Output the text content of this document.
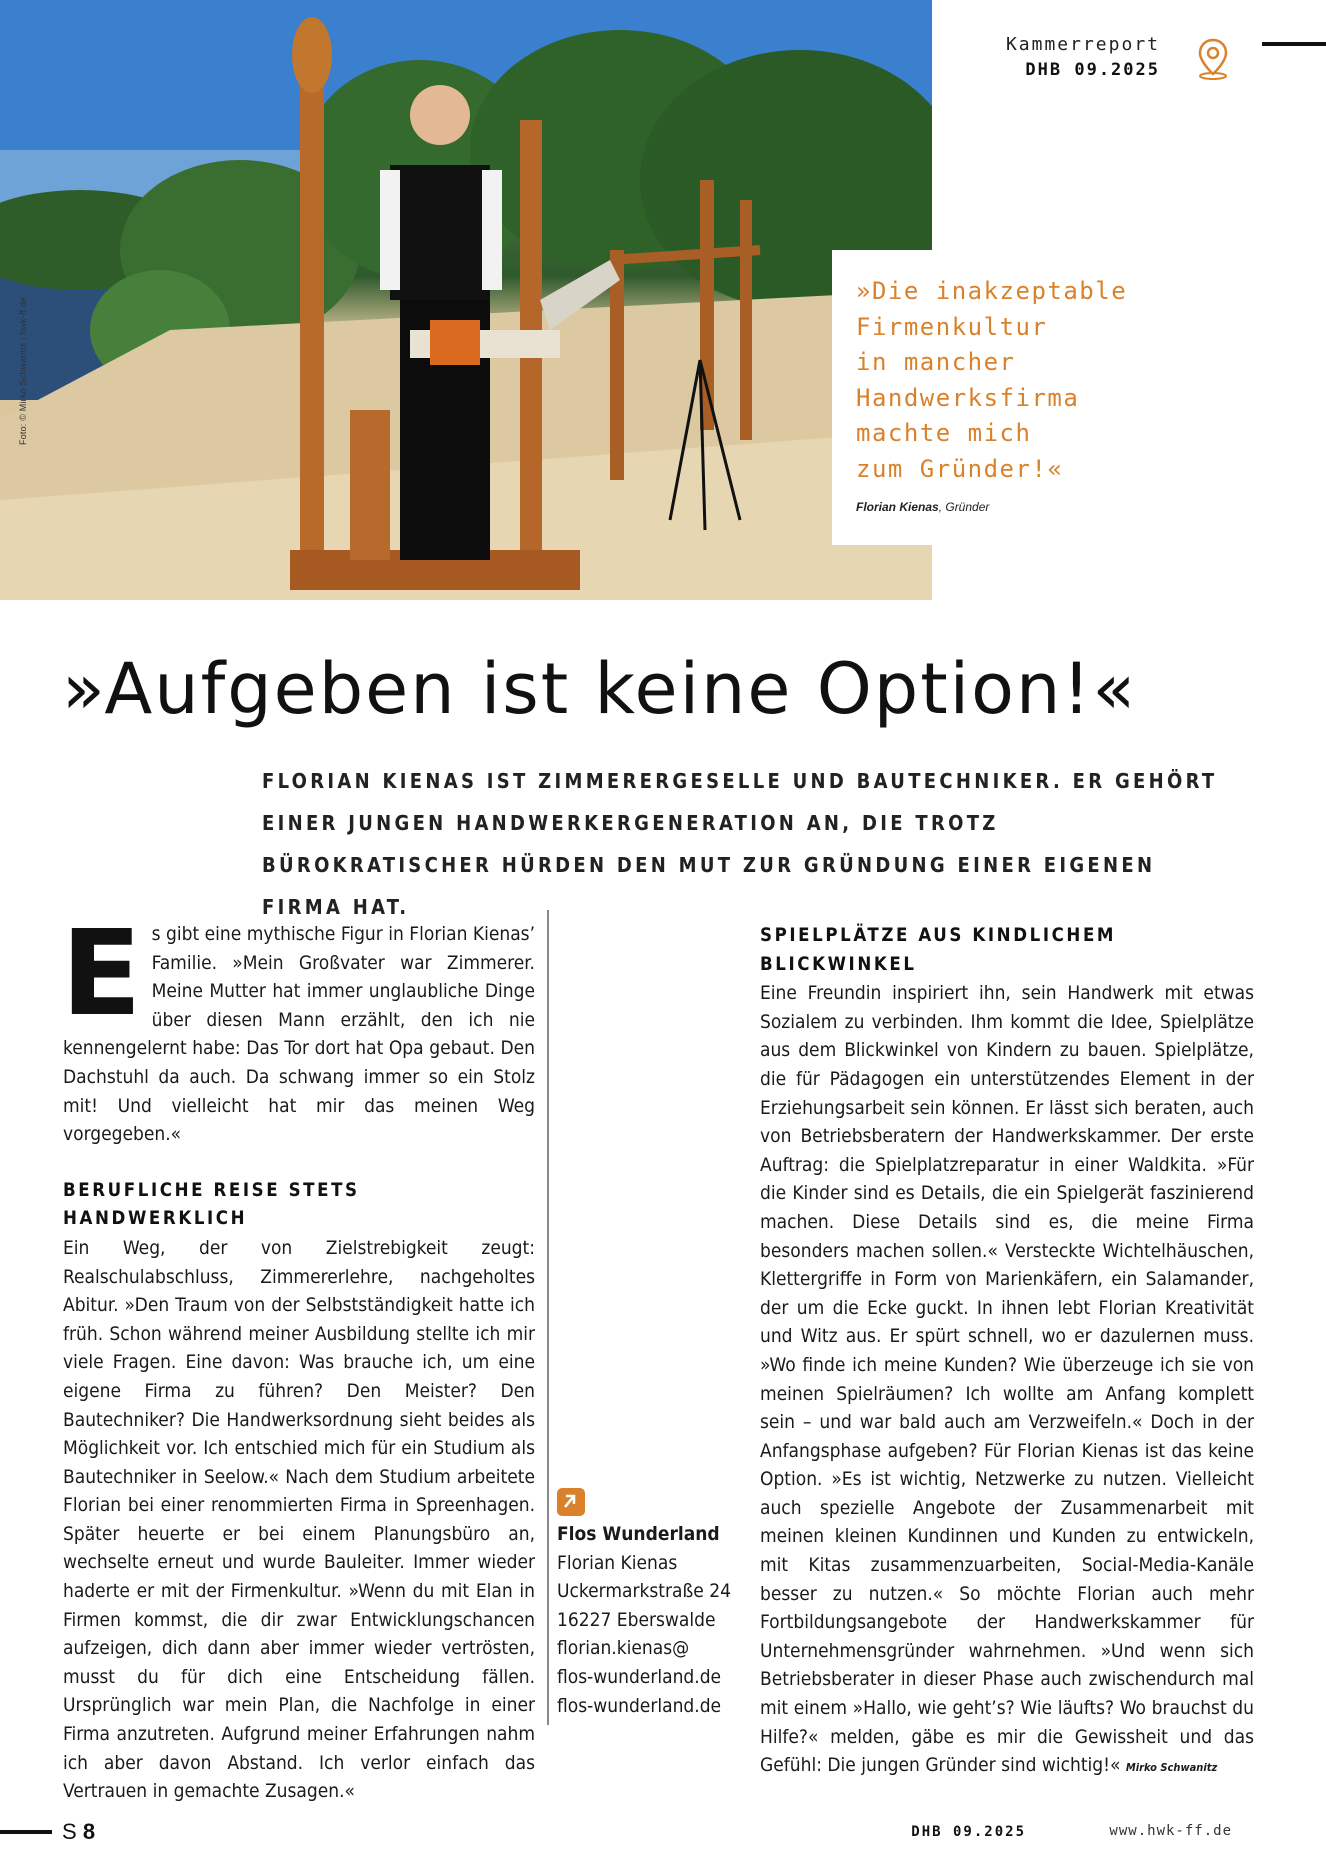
Foto: © Mirko Schwanitz | hwk-ff.de
Kammerreport
DHB 09.2025
»Die inakzeptable
Firmenkultur
in mancher
Handwerksfirma
machte mich
zum Gründer!«
Florian Kienas, Gründer
»Aufgeben ist keine Option!«
FLORIAN KIENAS IST ZIMMERERGESELLE UND BAUTECHNIKER. ER GEHÖRT EINER JUNGEN HANDWERKERGENERATION AN, DIE TROTZ BÜROKRATISCHER HÜRDEN DEN MUT ZUR GRÜNDUNG EINER EIGENEN FIRMA HAT.

Es gibt eine mythische Figur in Florian Kienas’ Familie. »Mein Großvater war Zimmerer. Meine Mutter hat immer unglaubliche Dinge über diesen Mann erzählt, den ich nie kennengelernt habe: Das Tor dort hat Opa gebaut. Den Dachstuhl da auch. Da schwang immer so ein Stolz mit! Und vielleicht hat mir das meinen Weg vorgegeben.«

BERUFLICHE REISE STETS HANDWERKLICH

Ein Weg, der von Zielstrebigkeit zeugt: Realschulabschluss, Zimmererlehre, nachgeholtes Abitur. »Den Traum von der Selbstständigkeit hatte ich früh. Schon während meiner Ausbildung stellte ich mir viele Fragen. Eine davon: Was brauche ich, um eine eigene Firma zu führen? Den Meister? Den Bautechniker? Die Handwerksordnung sieht beides als Möglichkeit vor. Ich entschied mich für ein Studium als Bautechniker in Seelow.« Nach dem Studium arbeitete Florian bei einer renommierten Firma in Spreenhagen. Später heuerte er bei einem Planungsbüro an, wechselte erneut und wurde Bauleiter. Immer wieder haderte er mit der Firmenkultur. »Wenn du mit Elan in Firmen kommst, die dir zwar Entwicklungschancen aufzeigen, dich dann aber immer wieder vertrösten, musst du für dich eine Entscheidung fällen. Ursprünglich war mein Plan, die Nachfolge in einer Firma anzutreten. Aufgrund meiner Erfahrungen nahm ich aber davon Abstand. Ich verlor einfach das Vertrauen in gemachte Zusagen.«

Flos Wunderland
Florian Kienas
Uckermarkstraße 24
16227 Eberswalde
florian.kienas@
flos-wunderland.de
flos-wunderland.de

SPIELPLÄTZE AUS KINDLICHEM BLICKWINKEL

Eine Freundin inspiriert ihn, sein Handwerk mit etwas Sozialem zu verbinden. Ihm kommt die Idee, Spielplätze aus dem Blickwinkel von Kindern zu bauen. Spielplätze, die für Pädagogen ein unterstützendes Element in der Erziehungsarbeit sein können. Er lässt sich beraten, auch von Betriebsberatern der Handwerkskammer. Der erste Auftrag: die Spielplatzreparatur in einer Waldkita. »Für die Kinder sind es Details, die ein Spielgerät faszinierend machen. Diese Details sind es, die meine Firma besonders machen sollen.« Versteckte Wichtelhäuschen, Klettergriffe in Form von Marienkäfern, ein Salamander, der um die Ecke guckt. In ihnen lebt Florian Kreativität und Witz aus. Er spürt schnell, wo er dazulernen muss. »Wo finde ich meine Kunden? Wie überzeuge ich sie von meinen Spielräumen? Ich wollte am Anfang komplett sein – und war bald auch am Verzweifeln.« Doch in der Anfangsphase aufgeben? Für Florian Kienas ist das keine Option. »Es ist wichtig, Netzwerke zu nutzen. Vielleicht auch spezielle Angebote der Zusammenarbeit mit meinen kleinen Kundinnen und Kunden zu entwickeln, mit Kitas zusammenzuarbeiten, Social-Media-Kanäle besser zu nutzen.« So möchte Florian auch mehr Fortbildungsangebote der Handwerkskammer für Unternehmensgründer wahrnehmen. »Und wenn sich Betriebsberater in dieser Phase auch zwischendurch mal mit einem »Hallo, wie geht’s? Wie läufts? Wo brauchst du Hilfe?« melden, gäbe es mir die Gewissheit und das Gefühl: Die jungen Gründer sind wichtig!« Mirko Schwanitz

S 8	DHB 09.2025	www.hwk-ff.de
